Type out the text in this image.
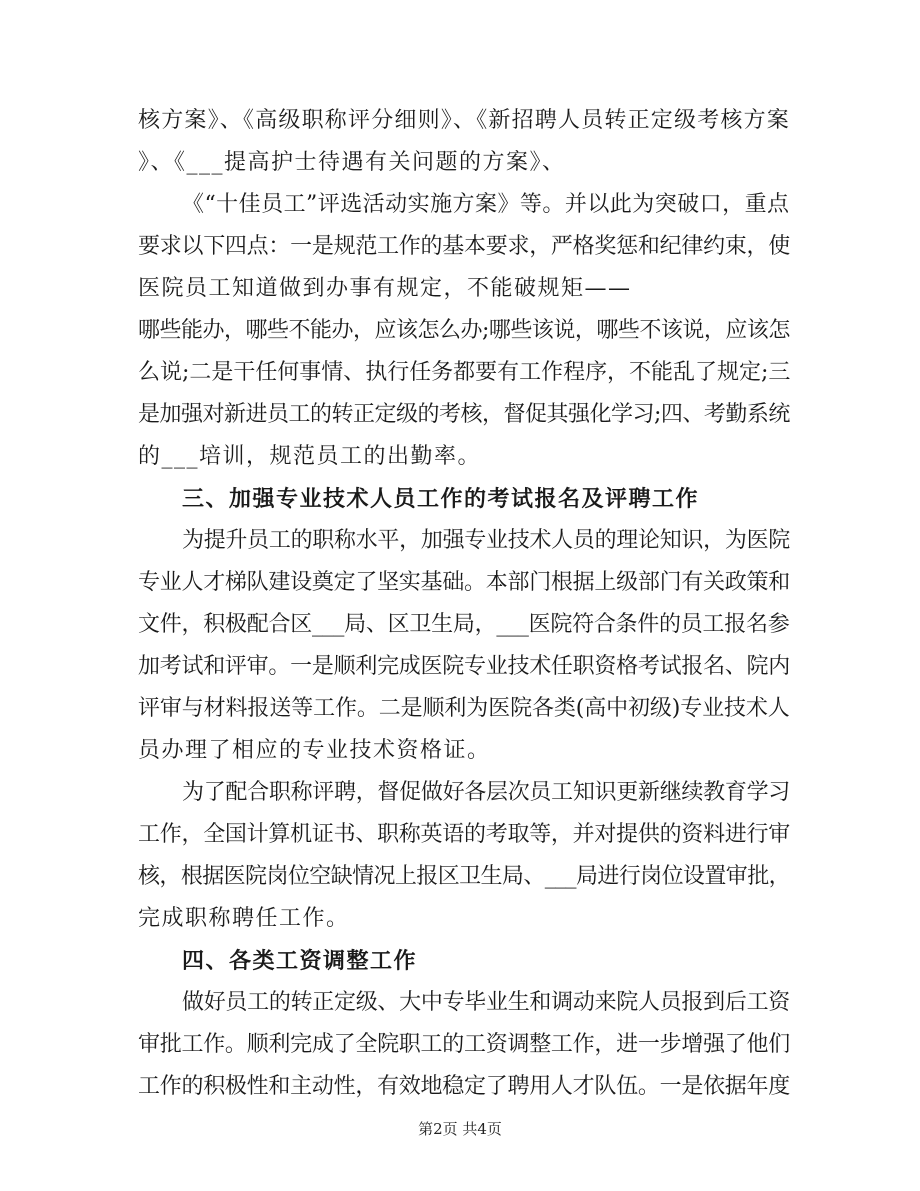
核方案》、《高级职称评分细则》、《新招聘人员转正定级考核方案
》、《___提高护士待遇有关问题的方案》、
《“十佳员工”评选活动实施方案》等。并以此为突破口，重点
要求以下四点：一是规范工作的基本要求，严格奖惩和纪律约束，使
医院员工知道做到办事有规定，不能破规矩——
哪些能办，哪些不能办，应该怎么办;哪些该说，哪些不该说，应该怎
么说;二是干任何事情、执行任务都要有工作程序，不能乱了规定;三
是加强对新进员工的转正定级的考核，督促其强化学习;四、考勤系统
的___培训，规范员工的出勤率。
三、加强专业技术人员工作的考试报名及评聘工作
为提升员工的职称水平，加强专业技术人员的理论知识，为医院
专业人才梯队建设奠定了坚实基础。本部门根据上级部门有关政策和
文件，积极配合区___局、区卫生局，___医院符合条件的员工报名参
加考试和评审。一是顺利完成医院专业技术任职资格考试报名、院内
评审与材料报送等工作。二是顺利为医院各类(高中初级)专业技术人
员办理了相应的专业技术资格证。
为了配合职称评聘，督促做好各层次员工知识更新继续教育学习
工作，全国计算机证书、职称英语的考取等，并对提供的资料进行审
核，根据医院岗位空缺情况上报区卫生局、___局进行岗位设置审批，
完成职称聘任工作。
四、各类工资调整工作
做好员工的转正定级、大中专毕业生和调动来院人员报到后工资
审批工作。顺利完成了全院职工的工资调整工作，进一步增强了他们
工作的积极性和主动性，有效地稳定了聘用人才队伍。一是依据年度
第2页 共4页
